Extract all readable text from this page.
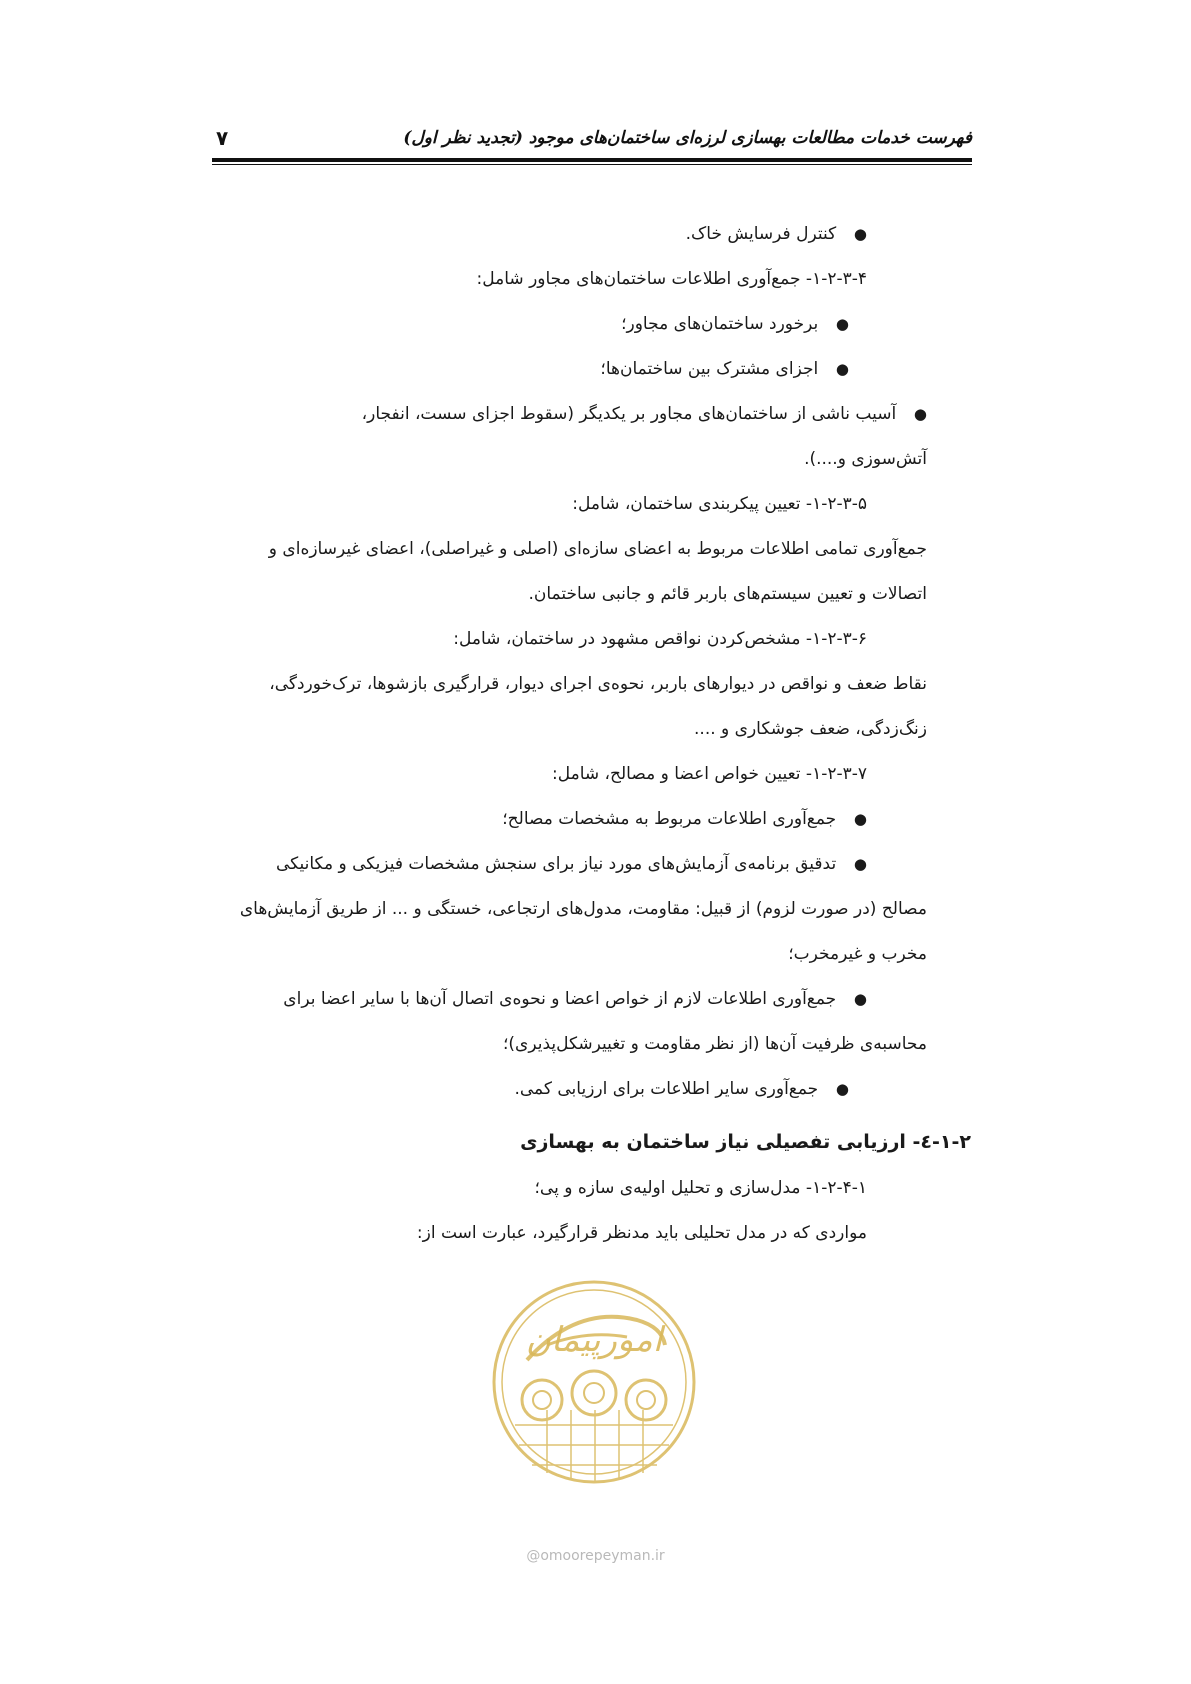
فهرست خدمات مطالعات بهسازی لرزه‌ای ساختمان‌های موجود (تجدید نظر اول)
۷

●  کنترل فرسایش خاک.

۱-۲-۳-۴- جمع‌آوری اطلاعات ساختمان‌های مجاور شامل:

●  برخورد ساختمان‌های مجاور؛

●  اجزای مشترک بین ساختمان‌ها؛

●  آسیب ناشی از ساختمان‌های مجاور بر یکدیگر (سقوط اجزای سست، انفجار،

آتش‌سوزی و....).

۱-۲-۳-۵- تعیین پیکربندی ساختمان، شامل:

جمع‌آوری تمامی اطلاعات مربوط به اعضای سازه‌ای (اصلی و غیراصلی)، اعضای غیرسازه‌ای و

اتصالات و تعیین سیستم‌های باربر قائم و جانبی ساختمان.

۱-۲-۳-۶- مشخص‌کردن نواقص مشهود در ساختمان، شامل:

نقاط ضعف و نواقص در دیوارهای باربر، نحوه‌ی اجرای دیوار، قرارگیری بازشوها، ترک‌خوردگی،

زنگ‌زدگی، ضعف جوشکاری و ....

۱-۲-۳-۷- تعیین خواص اعضا و مصالح، شامل:

●  جمع‌آوری اطلاعات مربوط به مشخصات مصالح؛

●  تدقیق برنامه‌ی آزمایش‌های مورد نیاز برای سنجش مشخصات فیزیکی و مکانیکی

مصالح (در صورت لزوم) از قبیل: مقاومت، مدول‌های ارتجاعی، خستگی و ... از طریق آزمایش‌های

مخرب و غیرمخرب؛

●  جمع‌آوری اطلاعات لازم از خواص اعضا و نحوه‌ی اتصال آن‌ها با سایر اعضا برای

محاسبه‌ی ظرفیت آن‌ها (از نظر مقاومت و تغییرشکل‌پذیری)؛

●  جمع‌آوری سایر اطلاعات برای ارزیابی کمی.

۱-۲-٤- ارزیابی تفصیلی نیاز ساختمان به بهسازی

۱-۲-۴-۱- مدل‌سازی و تحلیل اولیه‌ی سازه و پی؛

مواردی که در مدل تحلیلی باید مدنظر قرارگیرد، عبارت است از:

امورپیمان
@omoorepeyman.ir
